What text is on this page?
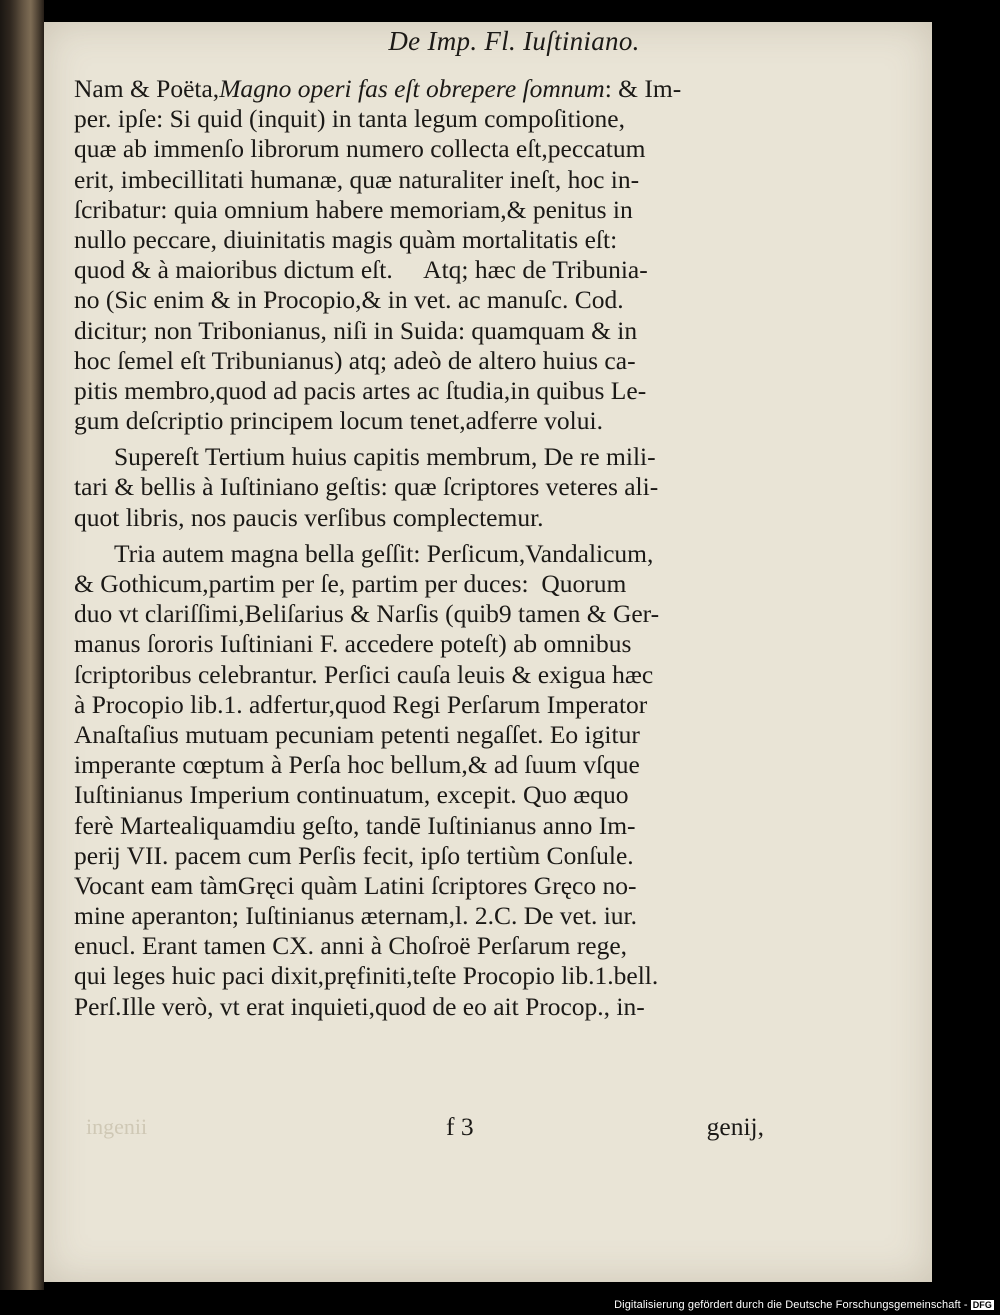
De Imp. Fl. Iuſtiniano.
Nam & Poëta,Magno operi fas eſt obrepere ſomnum: & Im-
per. ipſe: Si quid (inquit) in tanta legum compoſitione,
quæ ab immenſo librorum numero collecta eſt,peccatum
erit, imbecillitati humanæ, quæ naturaliter ineſt, hoc in-
ſcribatur: quia omnium habere memoriam,& penitus in
nullo peccare, diuinitatis magis quàm mortalitatis eſt:
quod & à maioribus dictum eſt.     Atq; hæc de Tribunia-
no (Sic enim & in Procopio,& in vet. ac manuſc. Cod.
dicitur; non Tribonianus, niſi in Suida: quamquam & in
hoc ſemel eſt Tribunianus) atq; adeò de altero huius ca-
pitis membro,quod ad pacis artes ac ſtudia,in quibus Le-
gum deſcriptio principem locum tenet,adferre volui.
Supereſt Tertium huius capitis membrum, De re mili-
tari & bellis à Iuſtiniano geſtis: quæ ſcriptores veteres ali-
quot libris, nos paucis verſibus complectemur.
Tria autem magna bella geſſit: Perſicum,Vandalicum,
& Gothicum,partim per ſe, partim per duces:  Quorum
duo vt clariſſimi,Beliſarius & Narſis (quib9 tamen & Ger-
manus ſororis Iuſtiniani F. accedere poteſt) ab omnibus
ſcriptoribus celebrantur. Perſici cauſa leuis & exigua hæc
à Procopio lib.1. adfertur,quod Regi Perſarum Imperator
Anaſtaſius mutuam pecuniam petenti negaſſet. Eo igitur
imperante cœptum à Perſa hoc bellum,& ad ſuum vſque
Iuſtinianus Imperium continuatum, excepit. Quo æquo
ferè Martealiquamdiu geſto, tandē Iuſtinianus anno Im-
perij VII. pacem cum Perſis fecit, ipſo tertiùm Conſule.
Vocant eam tàmGręci quàm Latini ſcriptores Gręco no-
mine aperanton; Iuſtinianus æternam,l. 2.C. De vet. iur.
enucl. Erant tamen CX. anni à Choſroë Perſarum rege,
qui leges huic paci dixit,pręfiniti,teſte Procopio lib.1.bell.
Perſ.Ille verò, vt erat inquieti,quod de eo ait Procop., in-
ingenii	f 3	genij,
Digitalisierung gefördert durch die Deutsche Forschungsgemeinschaft - DFG
